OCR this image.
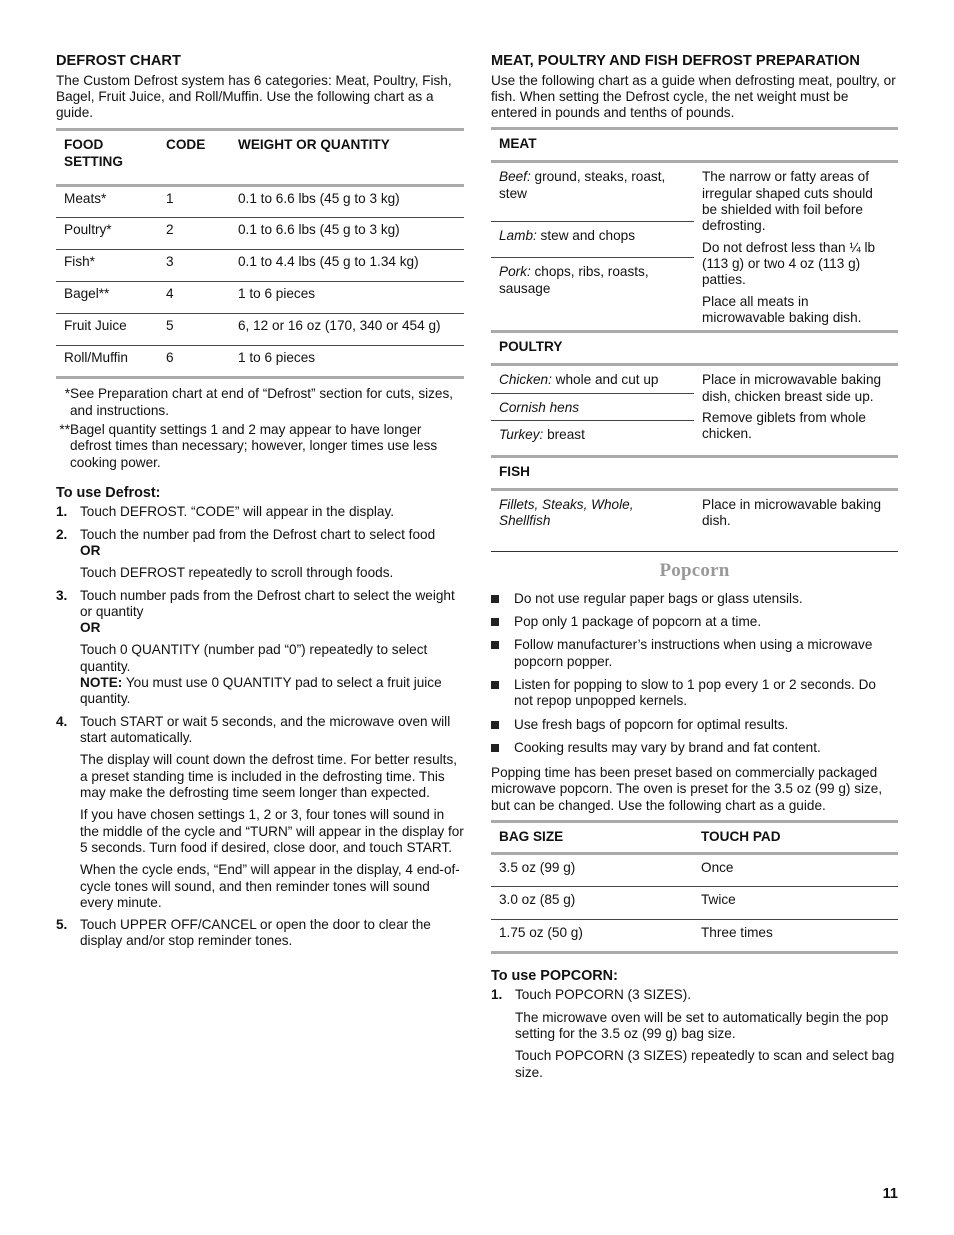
DEFROST CHART

The Custom Defrost system has 6 categories: Meat, Poultry, Fish, Bagel, Fruit Juice, and Roll/Muffin. Use the following chart as a guide.

FOOD SETTING	CODE	WEIGHT OR QUANTITY
Meats*	1	0.1 to 6.6 lbs (45 g to 3 kg)
Poultry*	2	0.1 to 6.6 lbs (45 g to 3 kg)
Fish*	3	0.1 to 4.4 lbs (45 g to 1.34 kg)
Bagel**	4	1 to 6 pieces
Fruit Juice	5	6, 12 or 16 oz (170, 340 or 454 g)
Roll/Muffin	6	1 to 6 pieces
* See Preparation chart at end of “Defrost” section for cuts, sizes, and instructions.
** Bagel quantity settings 1 and 2 may appear to have longer defrost times than necessary; however, longer times use less cooking power.
To use Defrost:
1. Touch DEFROST. “CODE” will appear in the display.

2. Touch the number pad from the Defrost chart to select food
OR

Touch DEFROST repeatedly to scroll through foods.

3. Touch number pads from the Defrost chart to select the weight or quantity
OR

Touch 0 QUANTITY (number pad “0”) repeatedly to select quantity.
NOTE: You must use 0 QUANTITY pad to select a fruit juice quantity.

4. Touch START or wait 5 seconds, and the microwave oven will start automatically.

The display will count down the defrost time. For better results, a preset standing time is included in the defrosting time. This may make the defrosting time seem longer than expected.

If you have chosen settings 1, 2 or 3, four tones will sound in the middle of the cycle and “TURN” will appear in the display for 5 seconds. Turn food if desired, close door, and touch START.

When the cycle ends, “End” will appear in the display, 4 end-of-cycle tones will sound, and then reminder tones will sound every minute.

5. Touch UPPER OFF/CANCEL or open the door to clear the display and/or stop reminder tones.

MEAT, POULTRY AND FISH DEFROST PREPARATION

Use the following chart as a guide when defrosting meat, poultry, or fish. When setting the Defrost cycle, the net weight must be entered in pounds and tenths of pounds.

MEAT	
Beef: ground, steaks, roast, stew	The narrow or fatty areas of irregular shaped cuts should be shielded with foil before defrosting.

Do not defrost less than ¼ lb (113 g) or two 4 oz (113 g) patties.

Place all meats in microwavable baking dish.

Lamb: stew and chops	
Pork: chops, ribs, roasts, sausage	
POULTRY	
Chicken: whole and cut up	Place in microwavable baking dish, chicken breast side up.

Remove giblets from whole chicken.

Cornish hens	
Turkey: breast	
FISH	
Fillets, Steaks, Whole, Shellfish	Place in microwavable baking dish.

Popcorn
Do not use regular paper bags or glass utensils.
Pop only 1 package of popcorn at a time.
Follow manufacturer’s instructions when using a microwave popcorn popper.
Listen for popping to slow to 1 pop every 1 or 2 seconds. Do not repop unpopped kernels.
Use fresh bags of popcorn for optimal results.
Cooking results may vary by brand and fat content.

Popping time has been preset based on commercially packaged microwave popcorn. The oven is preset for the 3.5 oz (99 g) size, but can be changed. Use the following chart as a guide.

BAG SIZE	TOUCH PAD
3.5 oz (99 g)	Once
3.0 oz (85 g)	Twice
1.75 oz (50 g)	Three times
To use POPCORN:
1. Touch POPCORN (3 SIZES).

The microwave oven will be set to automatically begin the pop setting for the 3.5 oz (99 g) bag size.

Touch POPCORN (3 SIZES) repeatedly to scan and select bag size.

11
